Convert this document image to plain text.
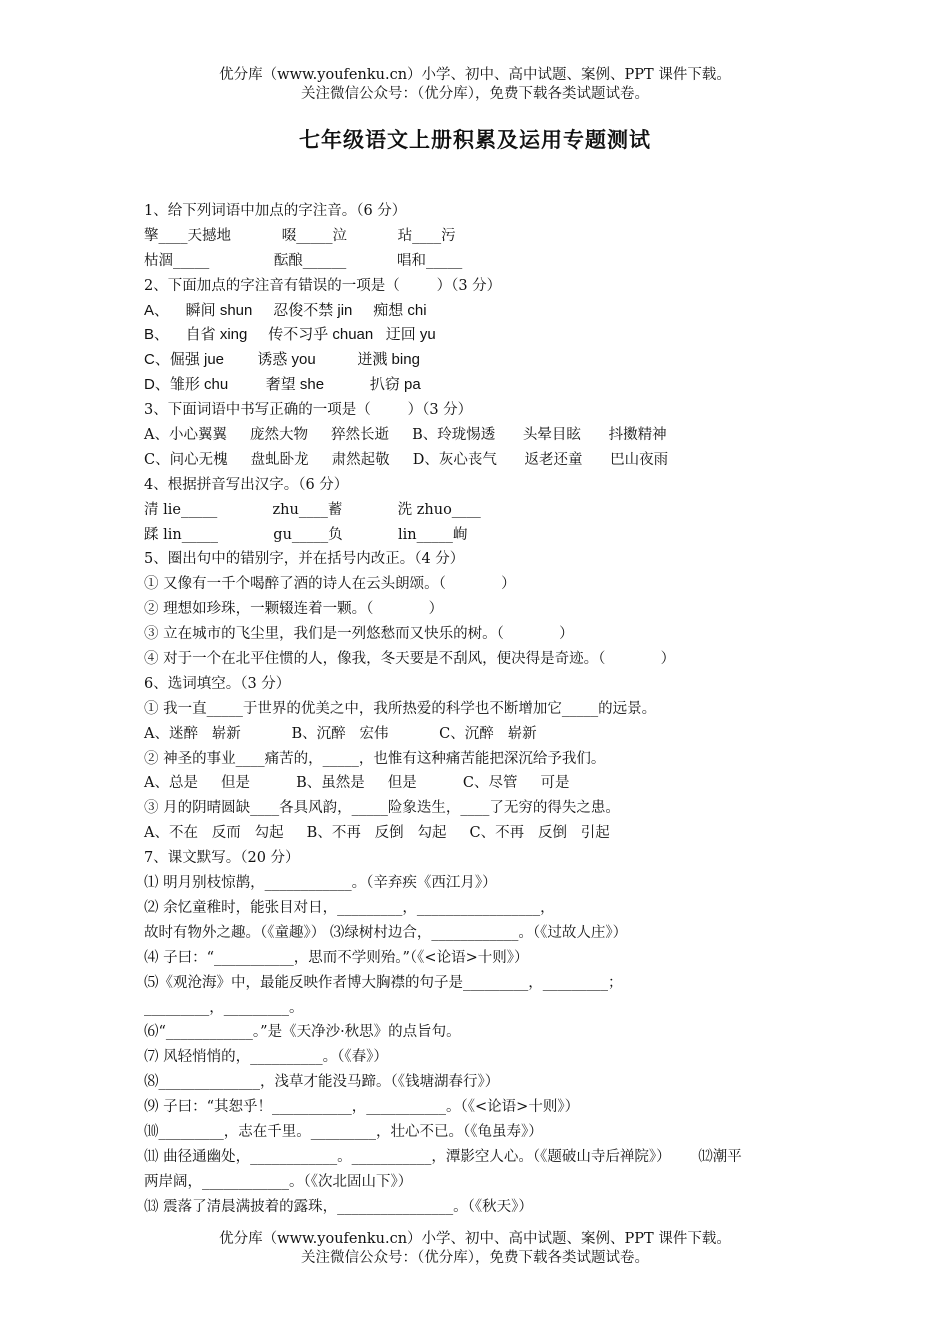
优分库（www.youfenku.cn）小学、初中、高中试题、案例、PPT 课件下载。
关注微信公众号：（优分库），免费下载各类试题试卷。
七年级语文上册积累及运用专题测试
1、给下列词语中加点的字注音。（6 分）
擎____天撼地           啜_____泣           玷____污
枯涸_____              酝酿______           唱和_____
2、下面加点的字注音有错误的一项是（        ）（3 分）
A、    瞬间 shun     忍俊不禁 jin     痴想 chi
B、    自省 xing     传不习乎 chuan   迂回 yu
C、倔强 jue        诱惑 you          迸溅 bing
D、雏形 chu         奢望 she           扒窃 pa
3、下面词语中书写正确的一项是（        ）（3 分）
A、小心翼翼     庞然大物     猝然长逝     B、玲珑惕透      头晕目眩      抖擞精神
C、问心无槐     盘虬卧龙     肃然起敬     D、灰心丧气      返老还童      巴山夜雨
4、根据拼音写出汉字。（6 分）
清 lie_____            zhu____蓄            洗 zhuo____
蹂 lin_____            gu_____负            lin_____峋
5、圈出句中的错别字，并在括号内改正。（4 分）
① 又像有一千个喝醉了酒的诗人在云头朗颂。（            ）
② 理想如珍珠，一颗辍连着一颗。（            ）
③ 立在城市的飞尘里，我们是一列悠愁而又快乐的树。（            ）
④ 对于一个在北平住惯的人，像我，冬天要是不刮风，便决得是奇迹。（            ）
6、选词填空。（3 分）
① 我一直_____于世界的优美之中，我所热爱的科学也不断增加它_____的远景。
A、迷醉   崭新           B、沉醉   宏伟           C、沉醉   崭新
② 神圣的事业____痛苦的，_____，也惟有这种痛苦能把深沉给予我们。
A、总是     但是          B、虽然是     但是          C、尽管     可是
③ 月的阴晴圆缺____各具风韵，_____险象迭生，____了无穷的得失之患。
A、不在   反而   勾起     B、不再   反倒   勾起     C、不再   反倒   引起
7、课文默写。（20 分）
⑴ 明月别枝惊鹊，____________。（辛弃疾《西江月》）
⑵ 余忆童稚时，能张目对日，_________，_________________，
故时有物外之趣。（《童趣》） ⑶绿树村边合，____________。（《过故人庄》）
⑷ 子曰：“___________，思而不学则殆。”（《<论语>十则》）
⑸《观沧海》中，最能反映作者博大胸襟的句子是_________，_________；
_________，_________。
⑹“____________。”是《天净沙·秋思》的点旨句。
⑺ 风轻悄悄的，__________。（《春》）
⑻______________，浅草才能没马蹄。（《钱塘湖春行》）
⑼ 子曰：“其恕乎！___________，___________。（《<论语>十则》）
⑽_________，志在千里。_________，壮心不已。（《龟虽寿》）
⑾ 曲径通幽处，____________。___________，潭影空人心。（《题破山寺后禅院》）      ⑿潮平
两岸阔，____________。（《次北固山下》）
⒀ 震落了清晨满披着的露珠，________________。（《秋天》）
优分库（www.youfenku.cn）小学、初中、高中试题、案例、PPT 课件下载。
关注微信公众号：（优分库），免费下载各类试题试卷。
